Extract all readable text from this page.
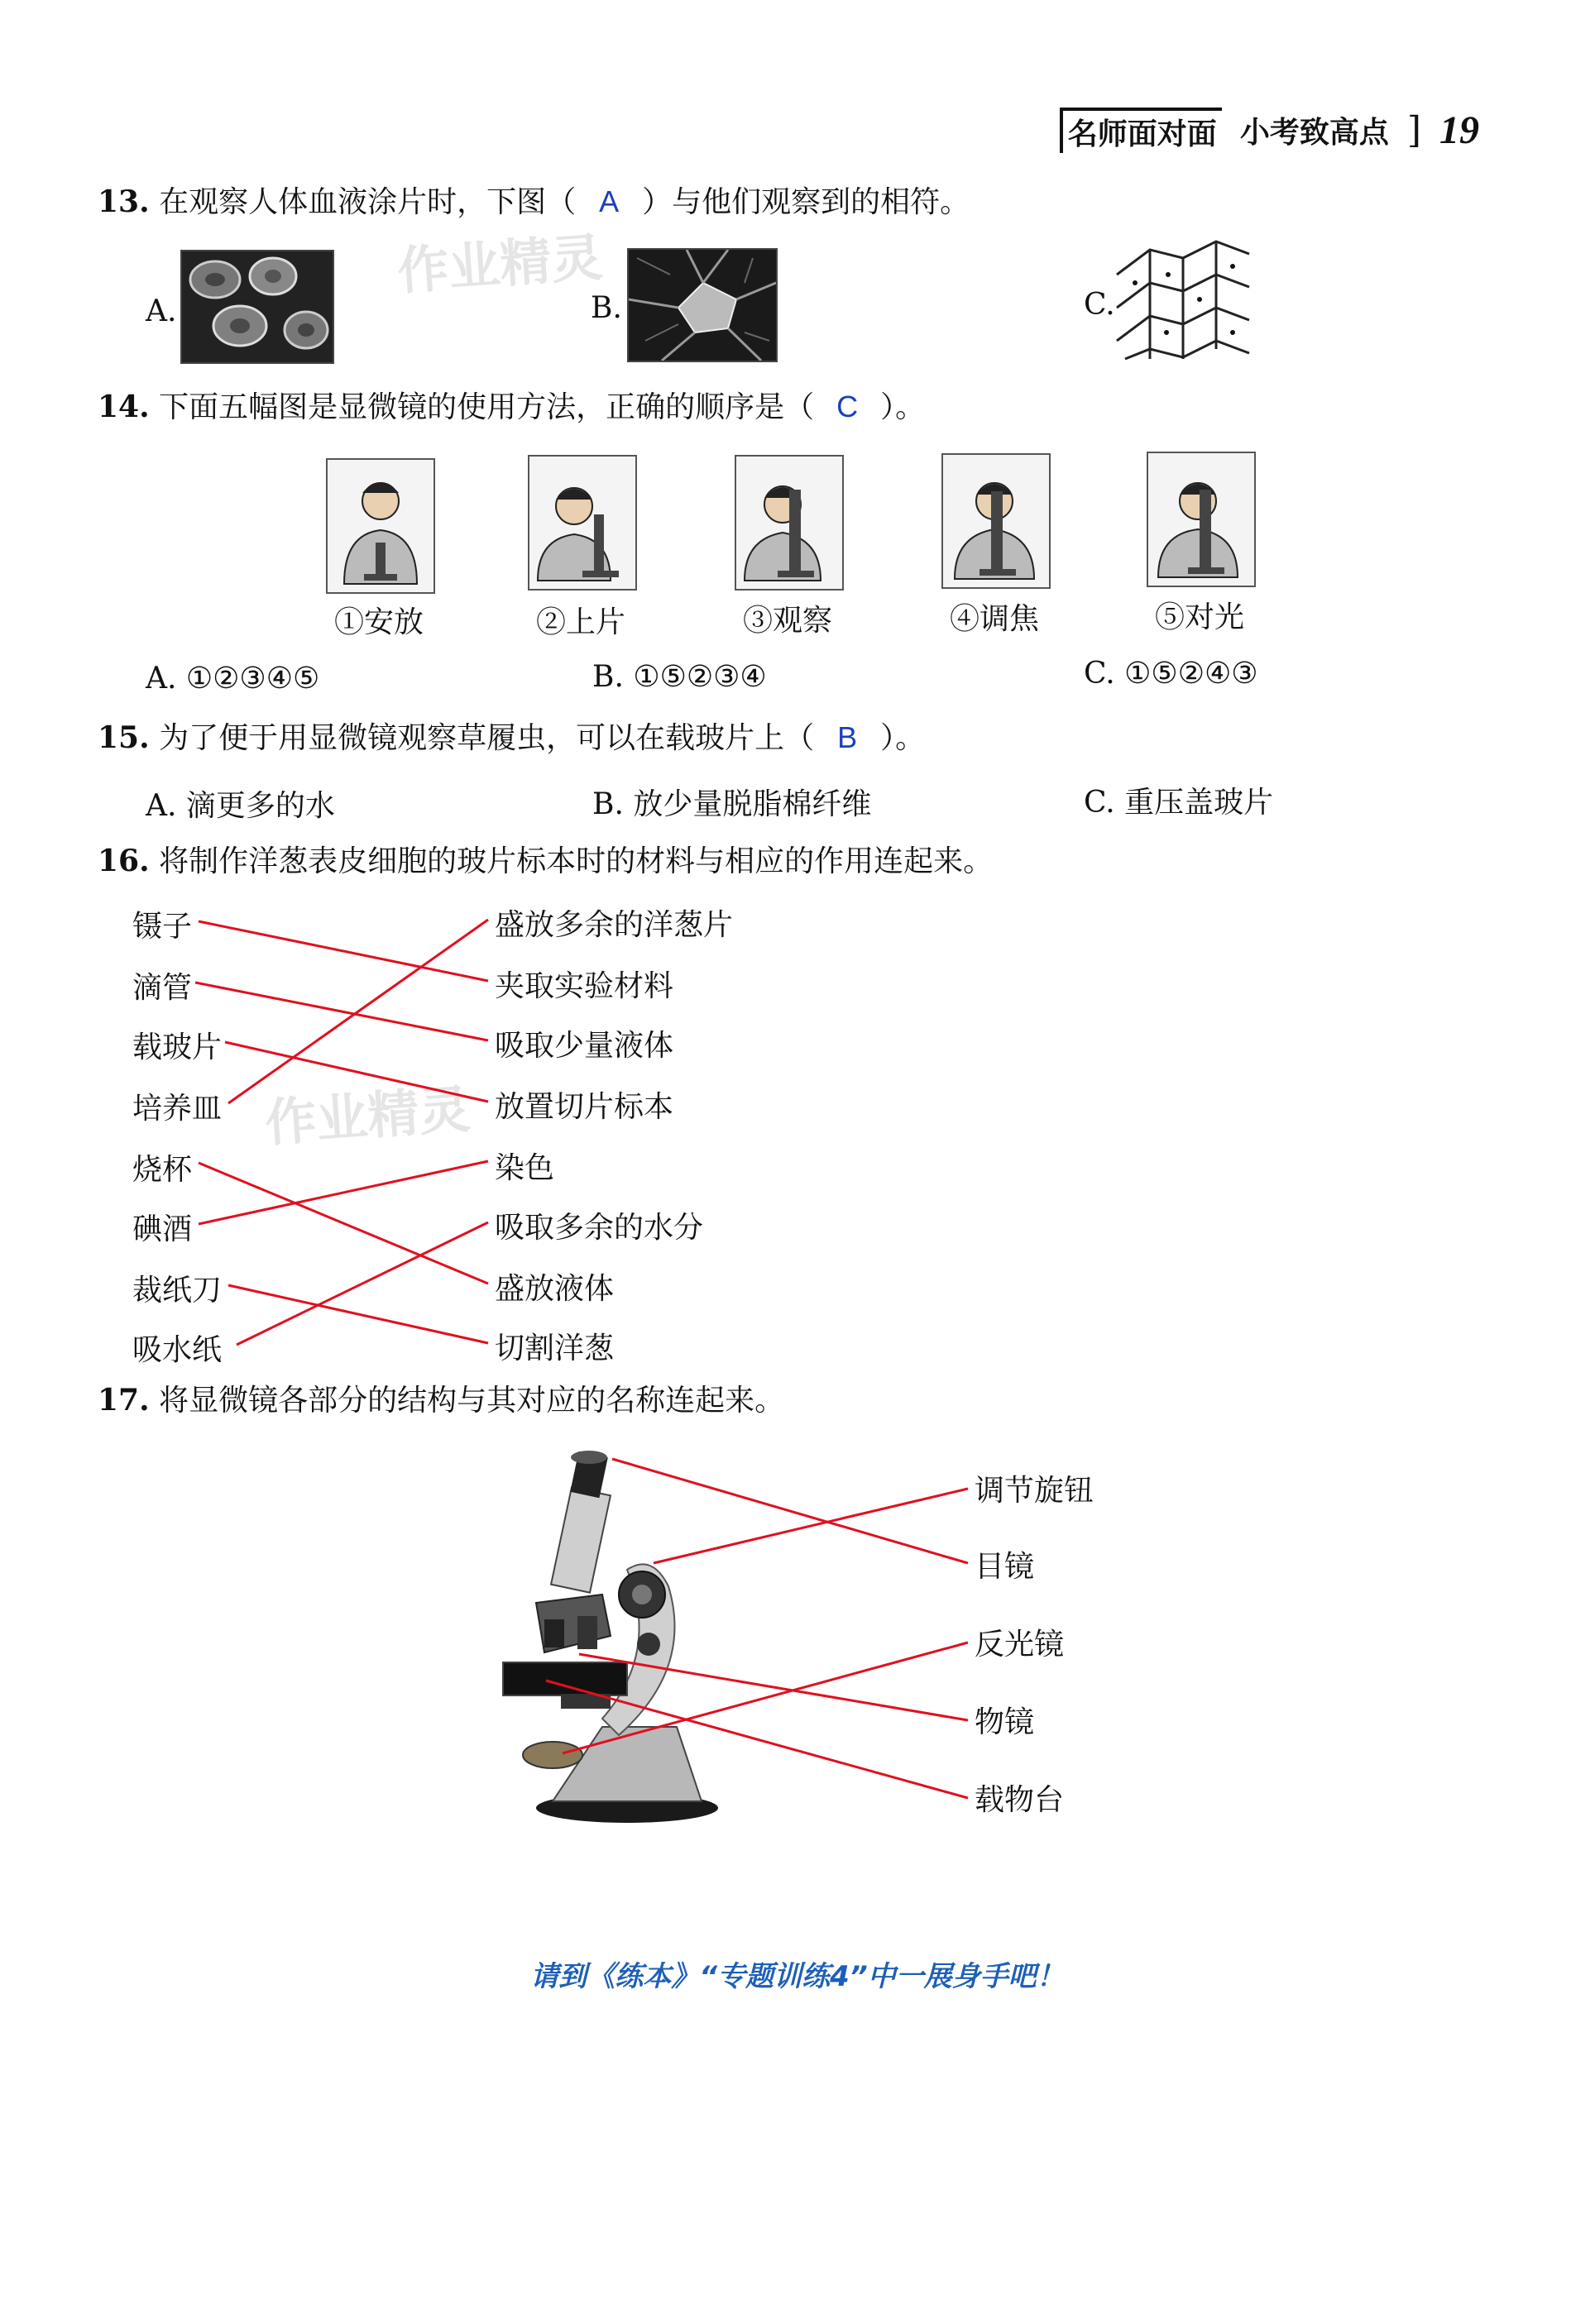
名师面对面 小考致高点 ] 19
作业精灵
作业精灵
13. 在观察人体血液涂片时，下图（ A ）与他们观察到的相符。
A.	B.	C.
14. 下面五幅图是显微镜的使用方法，正确的顺序是（ C ）。
①安放	②上片	③观察	④调焦	⑤对光
A. ①②③④⑤	B. ①⑤②③④	C. ①⑤②④③
15. 为了便于用显微镜观察草履虫，可以在载玻片上（ B ）。
A. 滴更多的水	B. 放少量脱脂棉纤维	C. 重压盖玻片
16. 将制作洋葱表皮细胞的玻片标本时的材料与相应的作用连起来。
镊子
滴管
载玻片
培养皿
烧杯
碘酒
裁纸刀
吸水纸
盛放多余的洋葱片
夹取实验材料
吸取少量液体
放置切片标本
染色
吸取多余的水分
盛放液体
切割洋葱
17. 将显微镜各部分的结构与其对应的名称连起来。
调节旋钮
目镜
反光镜
物镜
载物台
请到《练本》“专题训练4”中一展身手吧！
